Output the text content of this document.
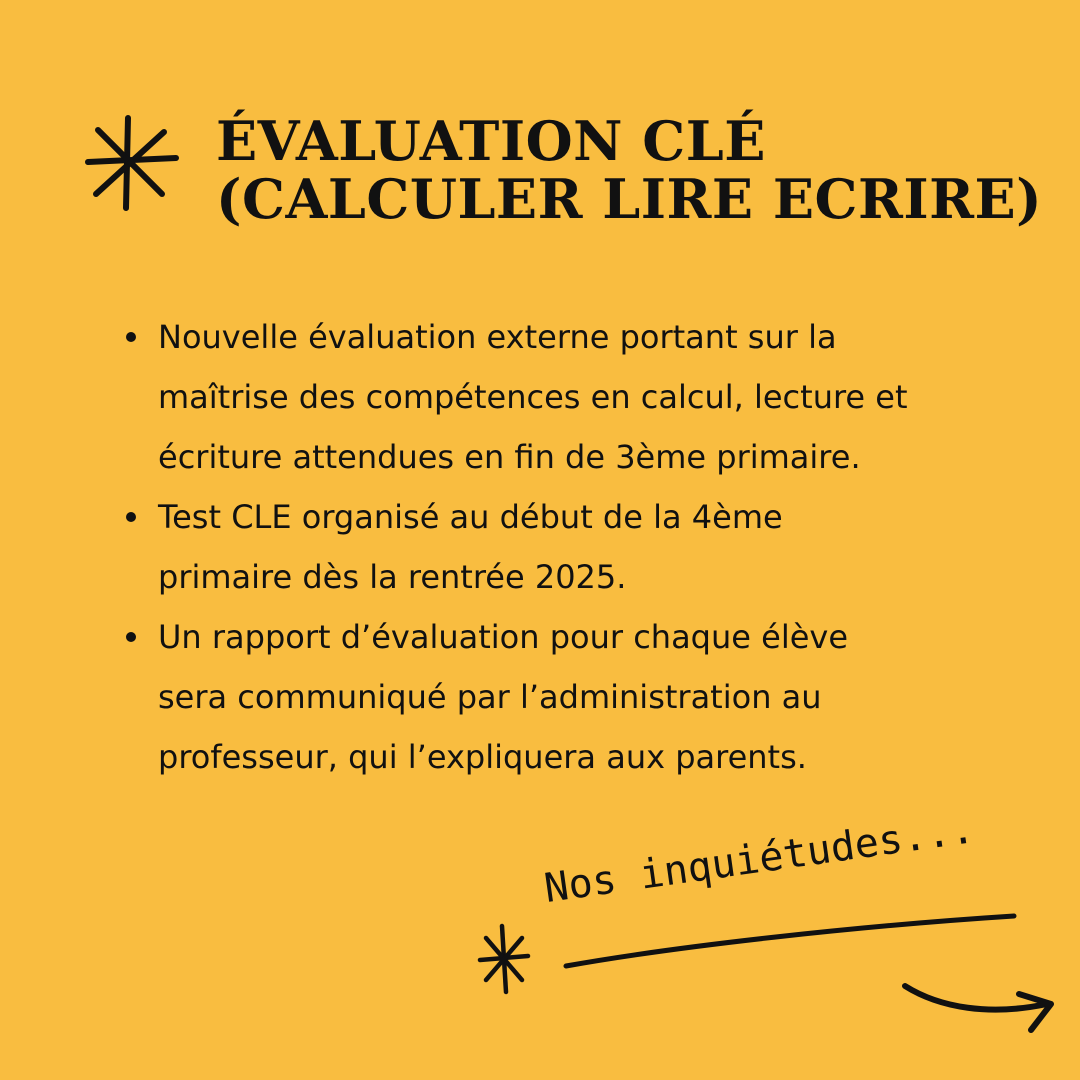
ÉVALUATION CLÉ
(CALCULER LIRE ECRIRE)
Nouvelle évaluation externe portant sur la
maîtrise des compétences en calcul, lecture et
écriture attendues en fin de 3ème primaire.
Test CLE organisé au début de la 4ème
primaire dès la rentrée 2025.
Un rapport d’évaluation pour chaque élève
sera communiqué par l’administration au
professeur, qui l’expliquera aux parents.
Nos inquiétudes...
